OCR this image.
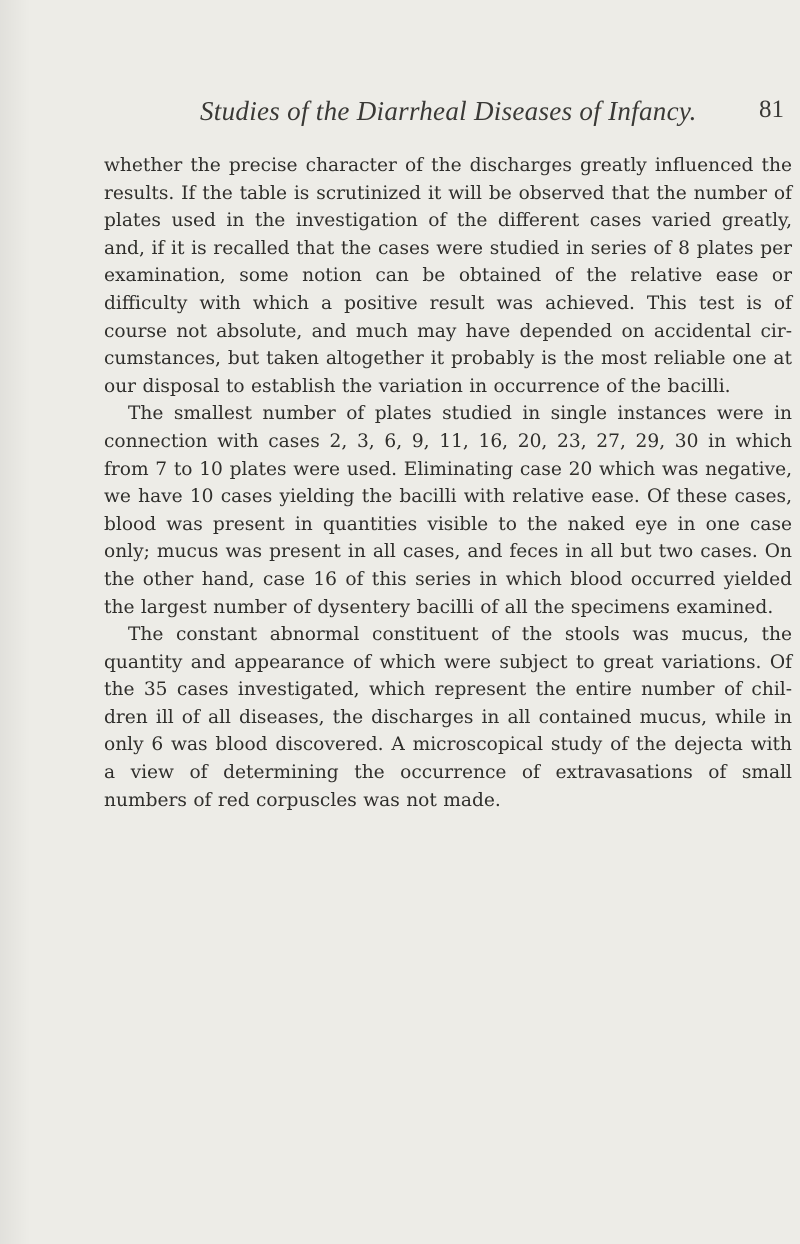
Studies of the Diarrheal Diseases of Infancy. 81

whether the precise character of the discharges greatly influenced the results. If the table is scrutinized it will be observed that the number of plates used in the investigation of the different cases varied greatly, and, if it is recalled that the cases were studied in series of 8 plates per examination, some notion can be obtained of the relative ease or difficulty with which a positive result was achieved. This test is of course not absolute, and much may have depended on accidental cir-cumstances, but taken altogether it probably is the most reliable one at our disposal to establish the variation in occurrence of the bacilli.

The smallest number of plates studied in single instances were in connection with cases 2, 3, 6, 9, 11, 16, 20, 23, 27, 29, 30 in which from 7 to 10 plates were used. Eliminating case 20 which was negative, we have 10 cases yielding the bacilli with relative ease. Of these cases, blood was present in quantities visible to the naked eye in one case only; mucus was present in all cases, and feces in all but two cases. On the other hand, case 16 of this series in which blood occurred yielded the largest number of dysentery bacilli of all the specimens examined.

The constant abnormal constituent of the stools was mucus, the quantity and appearance of which were subject to great variations. Of the 35 cases investigated, which represent the entire number of chil-dren ill of all diseases, the discharges in all contained mucus, while in only 6 was blood discovered. A microscopical study of the dejecta with a view of determining the occurrence of extravasations of small numbers of red corpuscles was not made.
